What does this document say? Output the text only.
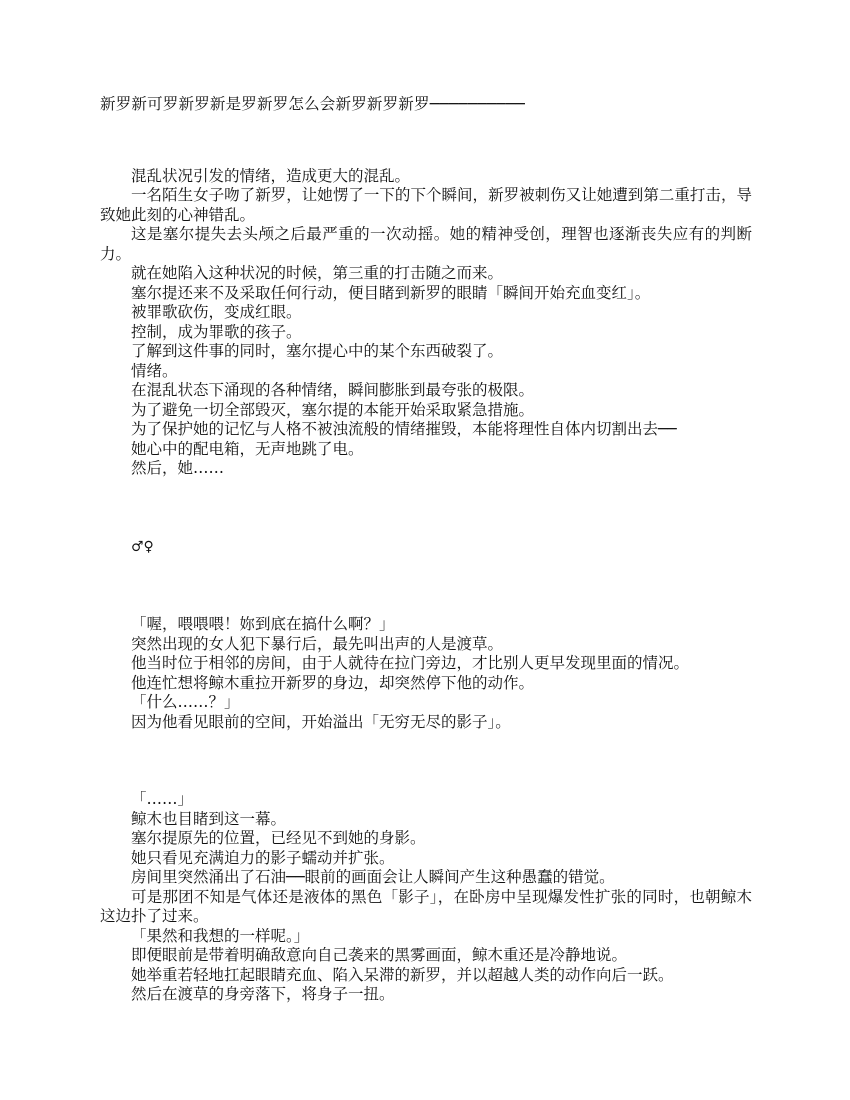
新罗新可罗新罗新是罗新罗怎么会新罗新罗新罗──────────

混乱状况引发的情绪，造成更大的混乱。

一名陌生女子吻了新罗，让她愣了一下的下个瞬间，新罗被刺伤又让她遭到第二重打击，导致她此刻的心神错乱。

这是塞尔提失去头颅之后最严重的一次动摇。她的精神受创，理智也逐渐丧失应有的判断力。

就在她陷入这种状况的时候，第三重的打击随之而来。

塞尔提还来不及采取任何行动，便目睹到新罗的眼睛「瞬间开始充血变红」。

被罪歌砍伤，变成红眼。

控制，成为罪歌的孩子。

了解到这件事的同时，塞尔提心中的某个东西破裂了。

情绪。

在混乱状态下涌现的各种情绪，瞬间膨胀到最夸张的极限。

为了避免一切全部毁灭，塞尔提的本能开始采取紧急措施。

为了保护她的记忆与人格不被浊流般的情绪摧毁，本能将理性自体内切割出去──

她心中的配电箱，无声地跳了电。

然后，她……

♂♀

「喔，喂喂喂！妳到底在搞什么啊？」

突然出现的女人犯下暴行后，最先叫出声的人是渡草。

他当时位于相邻的房间，由于人就待在拉门旁边，才比别人更早发现里面的情况。

他连忙想将鲸木重拉开新罗的身边，却突然停下他的动作。

「什么……？」

因为他看见眼前的空间，开始溢出「无穷无尽的影子」。

「……」

鲸木也目睹到这一幕。

塞尔提原先的位置，已经见不到她的身影。

她只看见充满迫力的影子蠕动并扩张。

房间里突然涌出了石油──眼前的画面会让人瞬间产生这种愚蠢的错觉。

可是那团不知是气体还是液体的黑色「影子」，在卧房中呈现爆发性扩张的同时，也朝鲸木这边扑了过来。

「果然和我想的一样呢。」

即便眼前是带着明确敌意向自己袭来的黑雾画面，鲸木重还是冷静地说。

她举重若轻地扛起眼睛充血、陷入呆滞的新罗，并以超越人类的动作向后一跃。

然后在渡草的身旁落下，将身子一扭。
